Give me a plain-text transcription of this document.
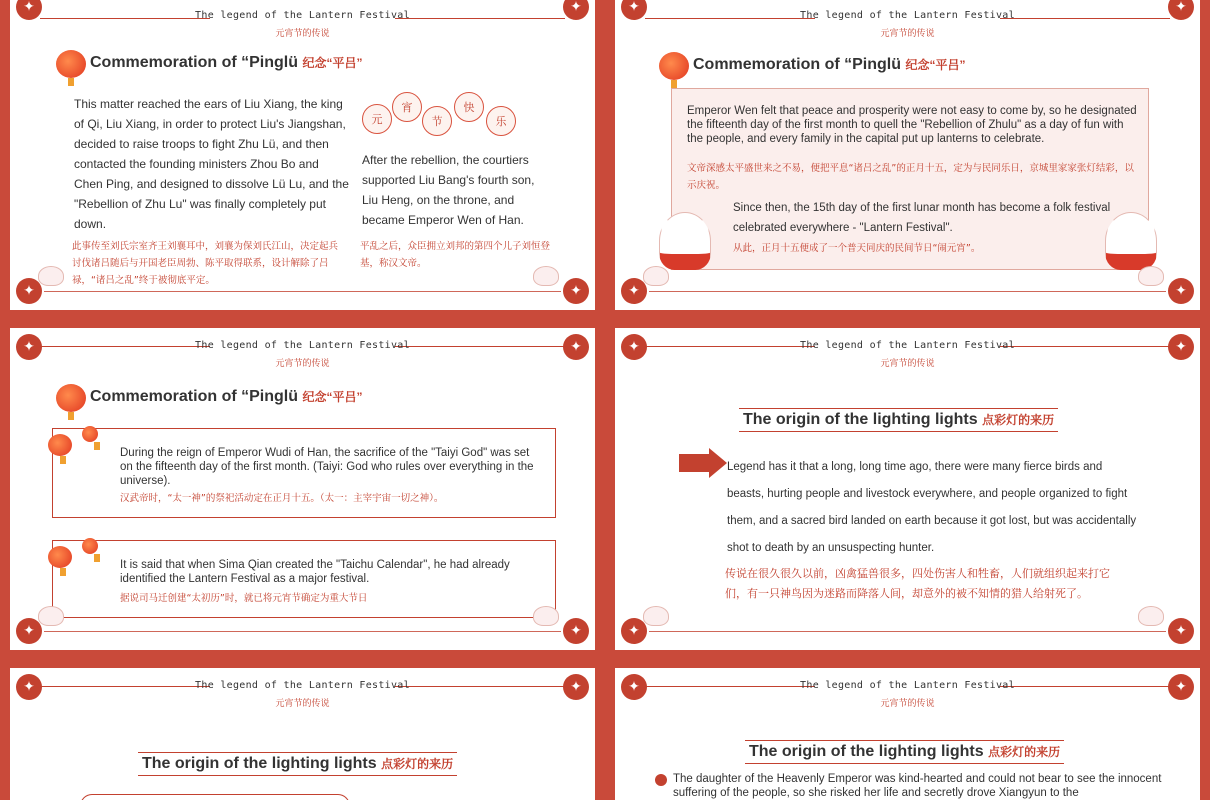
✦	✦
✦	✦
The legend of the Lantern Festival
元宵节的传说
Commemoration of “Pinglü 纪念“平吕”
This matter reached the ears of Liu Xiang, the king of Qi, Liu Xiang, in order to protect Liu's Jiangshan, decided to raise troops to fight Zhu Lü, and then contacted the founding ministers Zhou Bo and Chen Ping, and designed to dissolve Lü Lu, and the "Rebellion of Zhu Lu" was finally completely put down.
此事传至刘氏宗室齐王刘襄耳中，刘襄为保刘氏江山，决定起兵讨伐诸吕随后与开国老臣周勃、陈平取得联系，设计解除了吕禄，“诸吕之乱”终于被彻底平定。
元
宵
节
快
乐
After the rebellion, the courtiers supported Liu Bang's fourth son, Liu Heng, on the throne, and became Emperor Wen of Han.
平乱之后，众臣拥立刘邦的第四个儿子刘恒登基，称汉文帝。
✦	✦
✦	✦
The legend of the Lantern Festival
元宵节的传说
Commemoration of “Pinglü 纪念“平吕”
Emperor Wen felt that peace and prosperity were not easy to come by, so he designated the fifteenth day of the first month to quell the "Rebellion of Zhulu" as a day of fun with the people, and every family in the capital put up lanterns to celebrate.
文帝深感太平盛世来之不易，便把平息“诸吕之乱”的正月十五，定为与民同乐日，京城里家家张灯结彩，以示庆祝。
Since then, the 15th day of the first lunar month has become a folk festival celebrated everywhere - "Lantern Festival".
从此，正月十五便成了一个普天同庆的民间节日“闹元宵”。
✦	✦
✦	✦
The legend of the Lantern Festival
元宵节的传说
Commemoration of “Pinglü 纪念“平吕”
During the reign of Emperor Wudi of Han, the sacrifice of the "Taiyi God" was set on the fifteenth day of the first month. (Taiyi: God who rules over everything in the universe).
汉武帝时，“太一神”的祭祀活动定在正月十五。（太一：主宰宇宙一切之神）。
It is said that when Sima Qian created the "Taichu Calendar", he had already identified the Lantern Festival as a major festival.
据说司马迁创建“太初历”时，就已将元宵节确定为重大节日
✦	✦
✦	✦
The legend of the Lantern Festival
元宵节的传说
The origin of the lighting lights 点彩灯的来历
Legend has it that a long, long time ago, there were many fierce birds and beasts, hurting people and livestock everywhere, and people organized to fight them, and a sacred bird landed on earth because it got lost, but was accidentally shot to death by an unsuspecting hunter.
传说在很久很久以前，凶禽猛兽很多，四处伤害人和牲畜，人们就组织起来打它们，有一只神鸟因为迷路而降落人间，却意外的被不知情的猎人给射死了。
✦	✦
The legend of the Lantern Festival
元宵节的传说
The origin of the lighting lights 点彩灯的来历
✦	✦
The legend of the Lantern Festival
元宵节的传说
The origin of the lighting lights 点彩灯的来历
The daughter of the Heavenly Emperor was kind-hearted and could not bear to see the innocent suffering of the people, so she risked her life and secretly drove Xiangyun to the
